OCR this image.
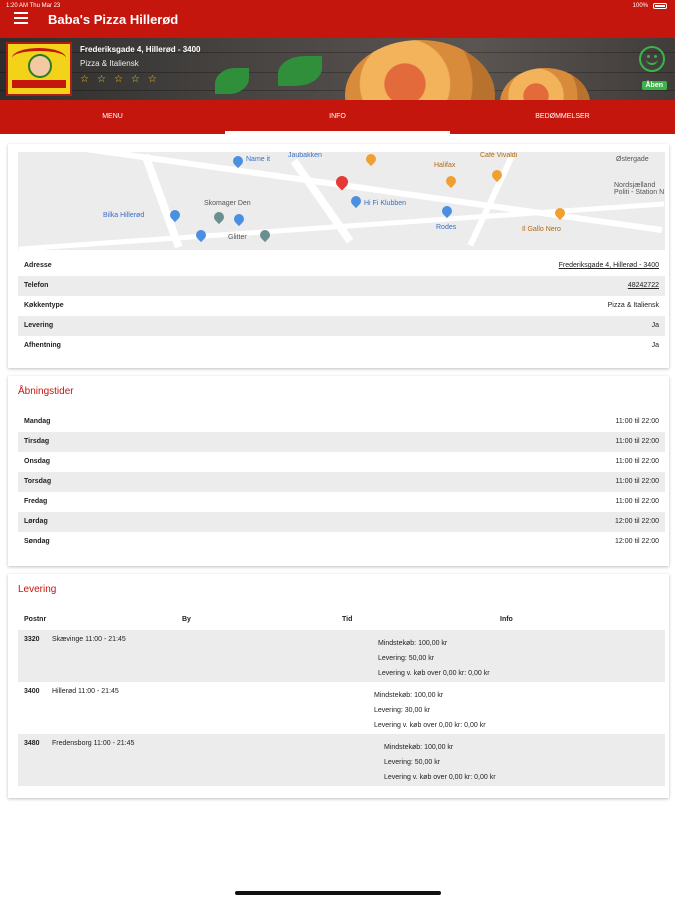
1:20 AM Thu Mar 23	100%
Baba's Pizza Hillerød
Frederiksgade 4, Hillerød - 3400
Pizza & Italiensk
☆ ☆ ☆ ☆ ☆
Åben
MENU	INFO	BEDØMMELSER
Name it
Jaubakken
Halifax
Café Vivaldi
Bilka Hillerød
Skomager Den	Hi Fi Klubben
Nordsjælland Politi - Station N
Glitter
Rodes	Il Gallo Nero
Østergade
Adresse	Frederiksgade 4, Hillerød - 3400
Telefon	48242722
Køkkentype	Pizza & Italiensk
Levering	Ja
Afhentning	Ja
Åbningstider
Mandag	11:00 til 22:00
Tirsdag	11:00 til 22:00
Onsdag	11:00 til 22:00
Torsdag	11:00 til 22:00
Fredag	11:00 til 22:00
Lørdag	12:00 til 22:00
Søndag	12:00 til 22:00
Levering
Postnr	By	Tid	Info
3320 Skævinge 11:00 - 21:45
Mindstekøb: 100,00 kr
Levering: 50,00 kr
Levering v. køb over 0,00 kr: 0,00 kr
3400 Hillerød 11:00 - 21:45
Mindstekøb: 100,00 kr
Levering: 30,00 kr
Levering v. køb over 0,00 kr: 0,00 kr
3480 Fredensborg 11:00 - 21:45
Mindstekøb: 100,00 kr
Levering: 50,00 kr
Levering v. køb over 0,00 kr: 0,00 kr
